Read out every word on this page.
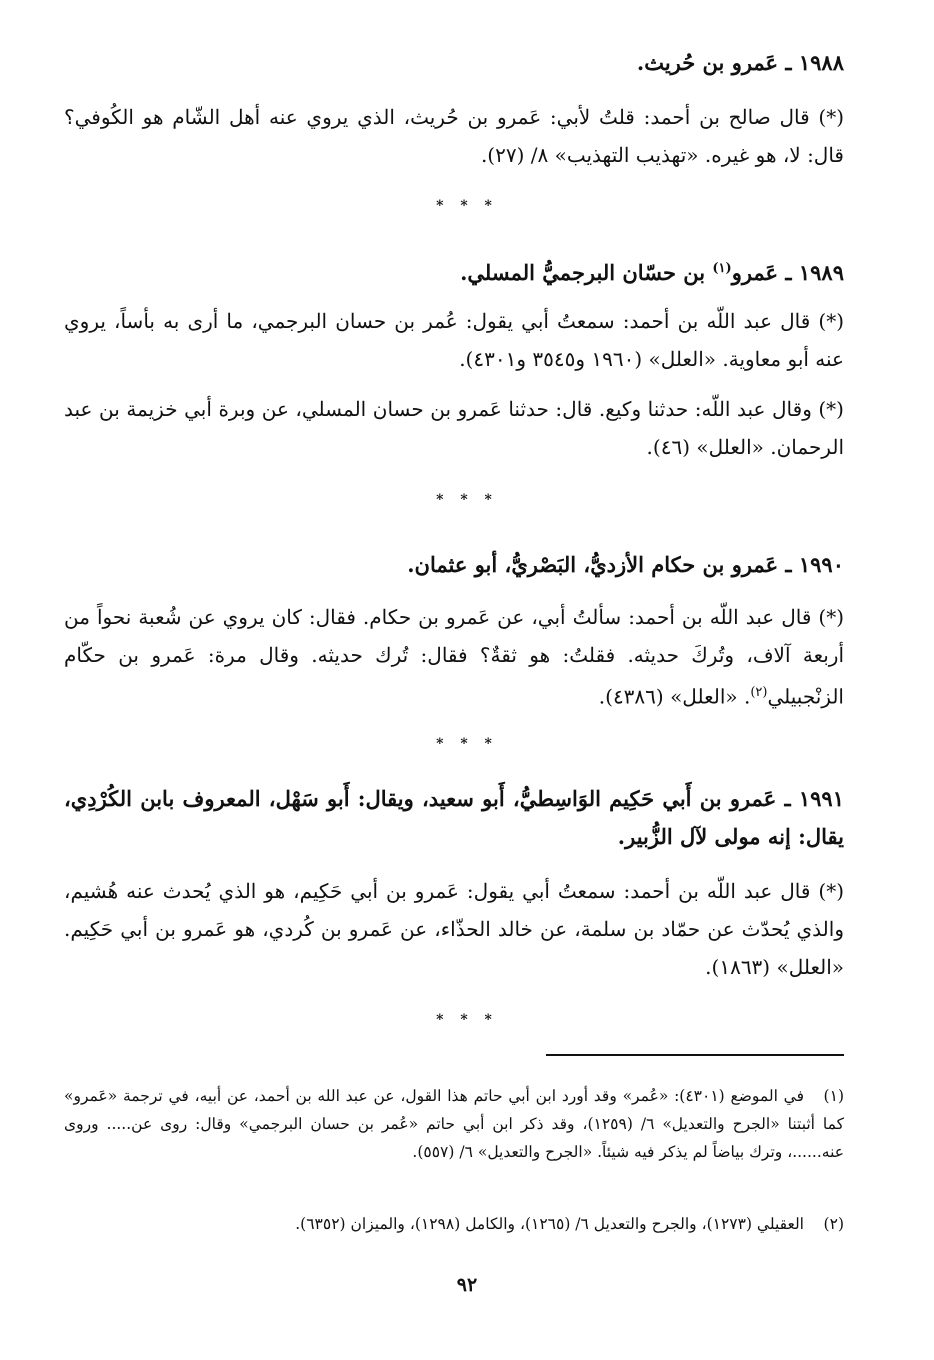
١٩٨٨ ـ عَمرو بن حُريث.
(*) قال صالح بن أحمد: قلتُ لأبي: عَمرو بن حُريث، الذي يروي عنه أهل الشّام هو الكُوفي؟ قال: لا، هو غيره. «تهذيب التهذيب» ٨/ (٢٧).
* * *
١٩٨٩ ـ عَمرو$^{(١)}$ بن حسّان البرجميُّ المسلي.
(*) قال عبد اللّه بن أحمد: سمعتُ أبي يقول: عُمر بن حسان البرجمي، ما أرى به بأساً، يروي عنه أبو معاوية. «العلل» (١٩٦٠ و٣٥٤٥ و٤٣٠١).
(*) وقال عبد اللّه: حدثنا وكيع. قال: حدثنا عَمرو بن حسان المسلي، عن وبرة أبي خزيمة بن عبد الرحمان. «العلل» (٤٦).
* * *
١٩٩٠ ـ عَمرو بن حكام الأزديُّ، البَصْريُّ، أبو عثمان.
(*) قال عبد اللّه بن أحمد: سألتُ أبي، عن عَمرو بن حكام. فقال: كان يروي عن شُعبة نحواً من أربعة آلاف، وتُركَ حديثه. فقلتُ: هو ثقةٌ؟ فقال: تُرك حديثه. وقال مرة: عَمرو بن حكّام الزنْجبيلي$^{(٢)}$. «العلل» (٤٣٨٦).
* * *
١٩٩١ ـ عَمرو بن أَبي حَكِيم الوَاسِطيُّ، أَبو سعيد، ويقال: أَبو سَهْل، المعروف بابن الكُرْدِي، يقال: إنه مولى لآل الزُّبير.
(*) قال عبد اللّه بن أحمد: سمعتُ أبي يقول: عَمرو بن أبي حَكِيم، هو الذي يُحدث عنه هُشيم، والذي يُحدّث عن حمّاد بن سلمة، عن خالد الحذّاء، عن عَمرو بن كُردي، هو عَمرو بن أبي حَكِيم. «العلل» (١٨٦٣).
* * *
(١)في الموضع (٤٣٠١): «عُمر» وقد أورد ابن أبي حاتم هذا القول، عن عبد الله بن أحمد، عن أبيه، في ترجمة «عَمرو» كما أثبتنا «الجرح والتعديل» ٦/ (١٢٥٩)، وقد ذكر ابن أبي حاتم «عُمر بن حسان البرجمي» وقال: روى عن..... وروى عنه......، وترك بياضاً لم يذكر فيه شيئاً. «الجرح والتعديل» ٦/ (٥٥٧).
(٢)العقيلي (١٢٧٣)، والجرح والتعديل ٦/ (١٢٦٥)، والكامل (١٢٩٨)، والميزان (٦٣٥٢).
٩٢
